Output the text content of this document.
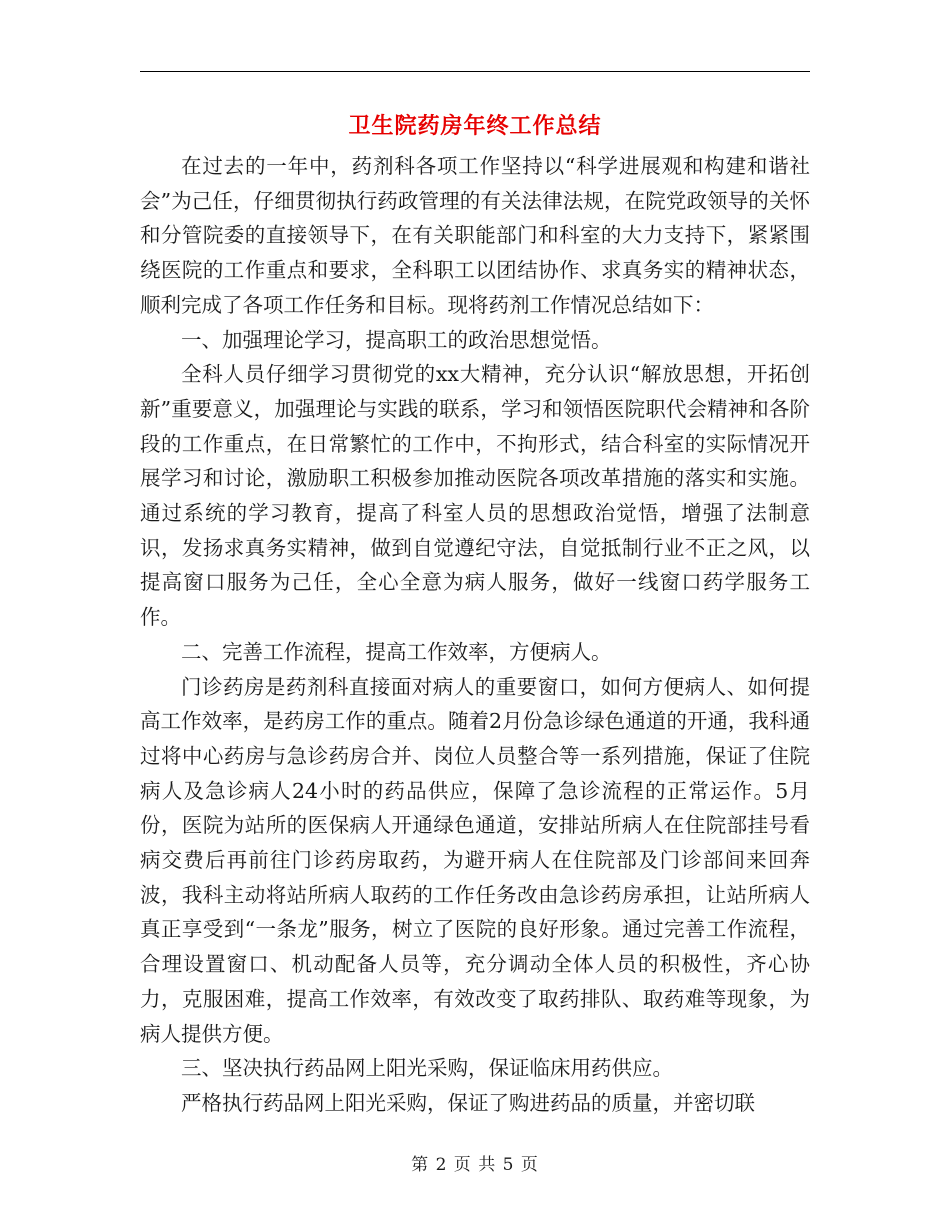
卫生院药房年终工作总结

在过去的一年中，药剂科各项工作坚持以“科学进展观和构建和谐社会”为己任，仔细贯彻执行药政管理的有关法律法规，在院党政领导的关怀和分管院委的直接领导下，在有关职能部门和科室的大力支持下，紧紧围绕医院的工作重点和要求，全科职工以团结协作、求真务实的精神状态，顺利完成了各项工作任务和目标。现将药剂工作情况总结如下：

一、加强理论学习，提高职工的政治思想觉悟。

全科人员仔细学习贯彻党的xx大精神，充分认识“解放思想，开拓创新”重要意义，加强理论与实践的联系，学习和领悟医院职代会精神和各阶段的工作重点，在日常繁忙的工作中，不拘形式，结合科室的实际情况开展学习和讨论，激励职工积极参加推动医院各项改革措施的落实和实施。通过系统的学习教育，提高了科室人员的思想政治觉悟，增强了法制意识，发扬求真务实精神，做到自觉遵纪守法，自觉抵制行业不正之风，以提高窗口服务为己任，全心全意为病人服务，做好一线窗口药学服务工作。

二、完善工作流程，提高工作效率，方便病人。

门诊药房是药剂科直接面对病人的重要窗口，如何方便病人、如何提高工作效率，是药房工作的重点。随着2月份急诊绿色通道的开通，我科通过将中心药房与急诊药房合并、岗位人员整合等一系列措施，保证了住院病人及急诊病人24小时的药品供应，保障了急诊流程的正常运作。5月份，医院为站所的医保病人开通绿色通道，安排站所病人在住院部挂号看病交费后再前往门诊药房取药，为避开病人在住院部及门诊部间来回奔波，我科主动将站所病人取药的工作任务改由急诊药房承担，让站所病人真正享受到“一条龙”服务，树立了医院的良好形象。通过完善工作流程，合理设置窗口、机动配备人员等，充分调动全体人员的积极性，齐心协力，克服困难，提高工作效率，有效改变了取药排队、取药难等现象，为病人提供方便。

三、坚决执行药品网上阳光采购，保证临床用药供应。

严格执行药品网上阳光采购，保证了购进药品的质量，并密切联

第 2 页 共 5 页
